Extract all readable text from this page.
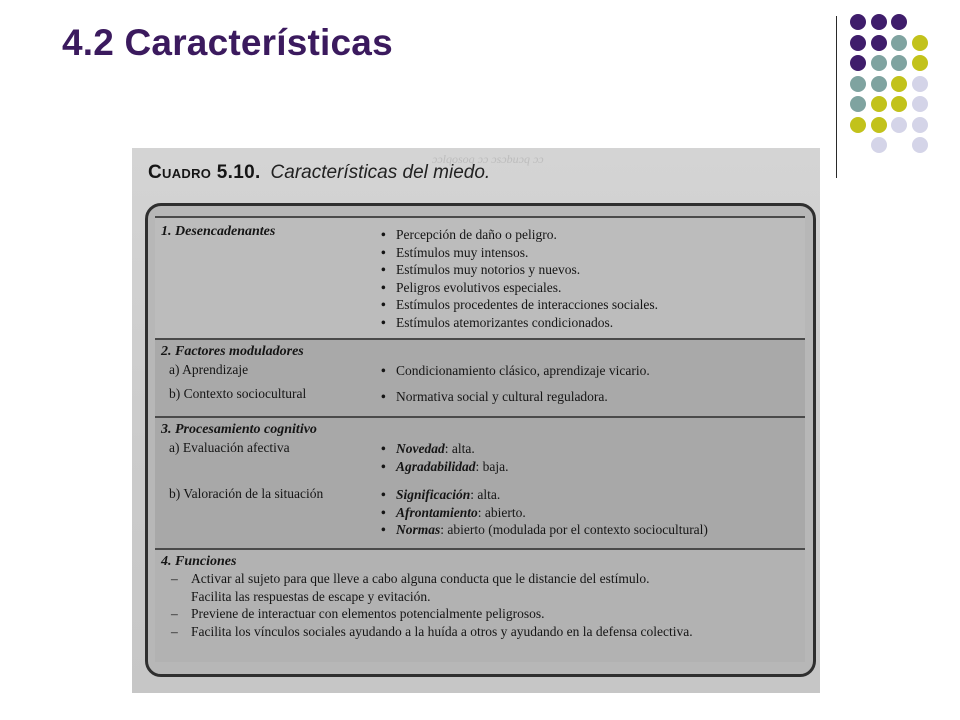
4.2 Características
ɔɔlqosoq ɔɔ ɔsɔbuɔq ɔɔ
Cuadro 5.10. Características del miedo.
1. Desencadenantes	• Percepción de daño o peligro.
• Estímulos muy intensos.
• Estímulos muy notorios y nuevos.
• Peligros evolutivos especiales.
• Estímulos procedentes de interacciones sociales.
• Estímulos atemorizantes condicionados.
2. Factores moduladores
a) Aprendizaje	• Condicionamiento clásico, aprendizaje vicario.
b) Contexto sociocultural	• Normativa social y cultural reguladora.
3. Procesamiento cognitivo
a) Evaluación afectiva	• Novedad: alta.
• Agradabilidad: baja.
b) Valoración de la situación	• Significación: alta.
• Afrontamiento: abierto.
• Normas: abierto (modulada por el contexto sociocultural)
4. Funciones
– Activar al sujeto para que lleve a cabo alguna conducta que le distancie del estímulo.
Facilita las respuestas de escape y evitación.
– Previene de interactuar con elementos potencialmente peligrosos.
– Facilita los vínculos sociales ayudando a la huída a otros y ayudando en la defensa colectiva.
